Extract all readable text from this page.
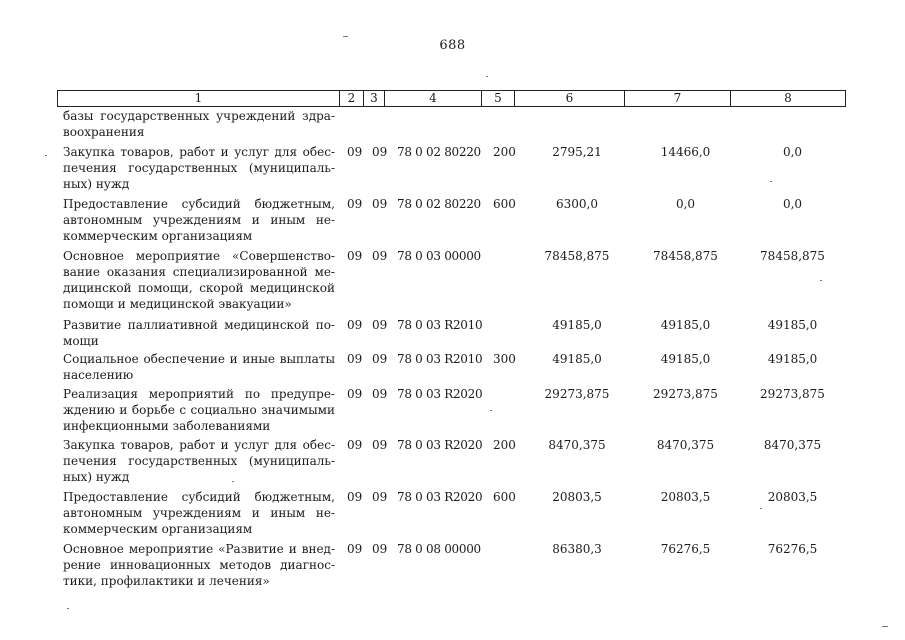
688
1	2	3	4	5	6	7	8
базы государственных учреждений здра-
воохранения
Закупка товаров, работ и услуг для обес-
печения государственных (муниципаль-
ных) нужд
09 09 78 0 02 80220	200	2795,21	14466,0	0,0
Предоставление субсидий бюджетным,
автономным учреждениям и иным не-
коммерческим организациям
09 09 78 0 02 80220	600	6300,0	0,0	0,0
Основное мероприятие «Совершенство-
вание оказания специализированной ме-
дицинской помощи, скорой медицинской
помощи и медицинской эвакуации»
09 09 78 0 03 00000	78458,875	78458,875	78458,875
Развитие паллиативной медицинской по-
мощи
09 09 78 0 03 R2010	49185,0	49185,0	49185,0
Социальное обеспечение и иные выплаты
населению
09 09 78 0 03 R2010 300	49185,0	49185,0	49185,0
Реализация мероприятий по предупре-
ждению и борьбе с социально значимыми
инфекционными заболеваниями
09 09 78 0 03 R2020	29273,875	29273,875	29273,875
Закупка товаров, работ и услуг для обес-
печения государственных (муниципаль-
ных) нужд
09 09 78 0 03 R2020 200	8470,375	8470,375	8470,375
Предоставление субсидий бюджетным,
автономным учреждениям и иным не-
коммерческим организациям
09 09 78 0 03 R2020 600	20803,5	20803,5	20803,5
Основное мероприятие «Развитие и внед-
рение инновационных методов диагнос-
тики, профилактики и лечения»
09 09 78 0 08 00000	86380,3	76276,5	76276,5
